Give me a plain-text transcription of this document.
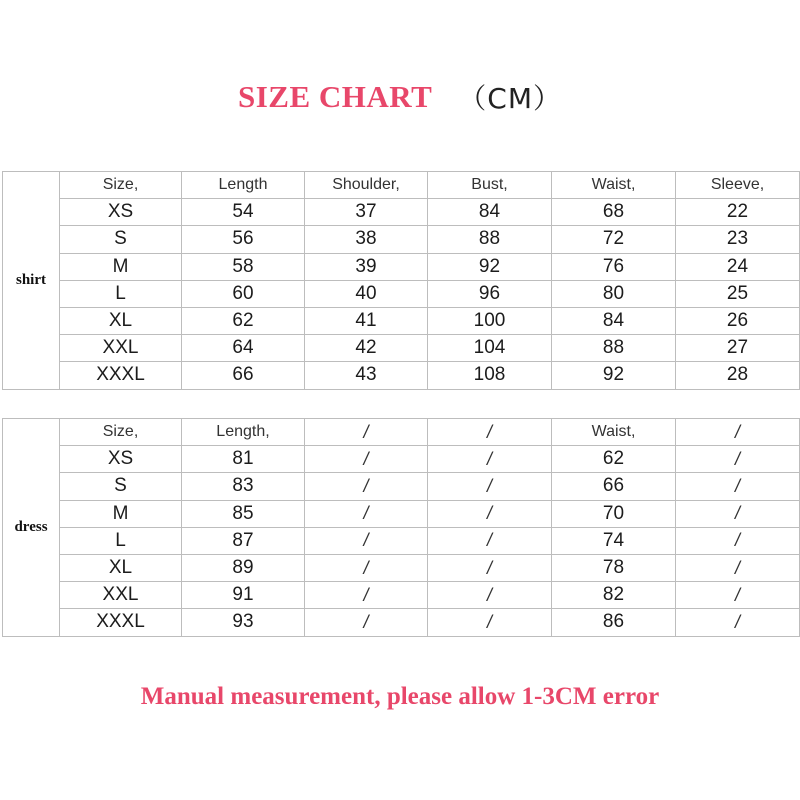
SIZE CHART （CM）
shirt	Size,	Length	Shoulder,	Bust,	Waist,	Sleeve,
	XS	54	37	84	68	22
	S	56	38	88	72	23
	M	58	39	92	76	24
	L	60	40	96	80	25
	XL	62	41	100	84	26
	XXL	64	42	104	88	27
	XXXL	66	43	108	92	28
dress	Size,	Length,	/	/	Waist,	/
	XS	81	/	/	62	/
	S	83	/	/	66	/
	M	85	/	/	70	/
	L	87	/	/	74	/
	XL	89	/	/	78	/
	XXL	91	/	/	82	/
	XXXL	93	/	/	86	/
Manual measurement, please allow 1-3CM error
